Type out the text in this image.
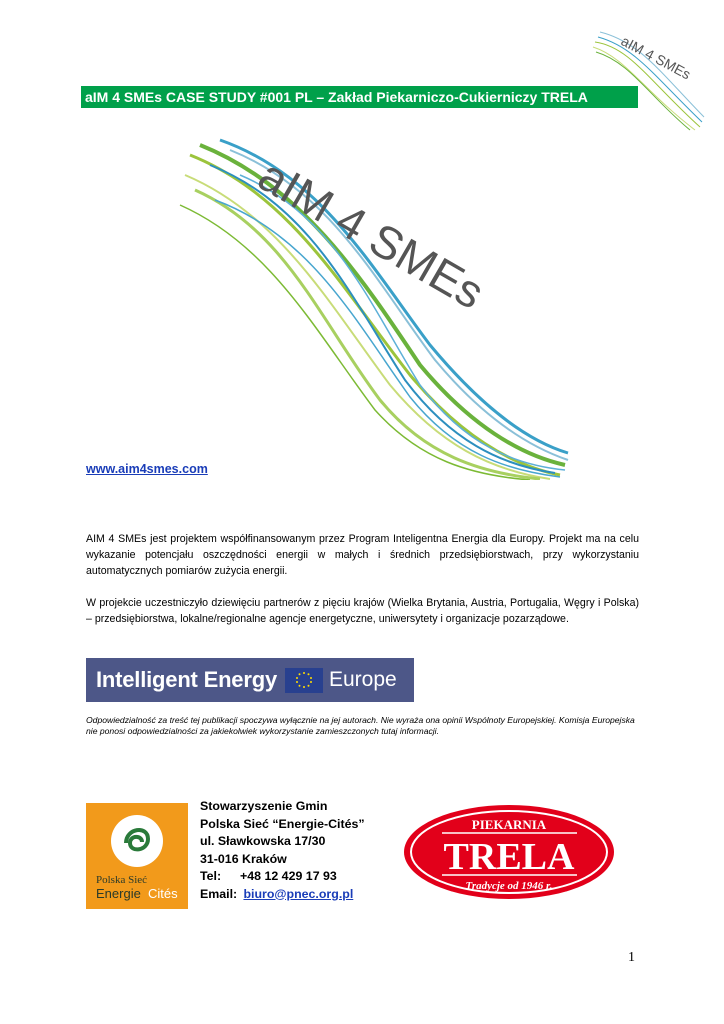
aIM 4 SMEs
aIM 4 SMEs CASE STUDY #001 PL – Zakład Piekarniczo-Cukierniczy TRELA
aIM 4 SMEs
www.aim4smes.com
AIM 4 SMEs jest projektem współfinansowanym przez Program Inteligentna Energia dla Europy. Projekt ma na celu wykazanie potencjału oszczędności energii w małych i średnich przedsiębiorstwach, przy wykorzystaniu automatycznych pomiarów zużycia energii.
W projekcie uczestniczyło dziewięciu partnerów z pięciu krajów (Wielka Brytania, Austria, Portugalia, Węgry i Polska) – przedsiębiorstwa, lokalne/regionalne agencje energetyczne, uniwersytety i organizacje pozarządowe.
Intelligent Energy Europe
Odpowiedzialność za treść tej publikacji spoczywa wyłącznie na jej autorach. Nie wyraża ona opinii Wspólnoty Europejskiej. Komisja Europejska nie ponosi odpowiedzialności za jakiekolwiek wykorzystanie zamieszczonych tutaj informacji.
Polska Sieć
Energie Cités
Stowarzyszenie Gmin
Polska Sieć “Energie-Cités”
ul. Sławkowska 17/30
31-016 Kraków
Tel: +48 12 429 17 93
Email: biuro@pnec.org.pl
PIEKARNIA
TRELA
Tradycje od 1946 r.
1
